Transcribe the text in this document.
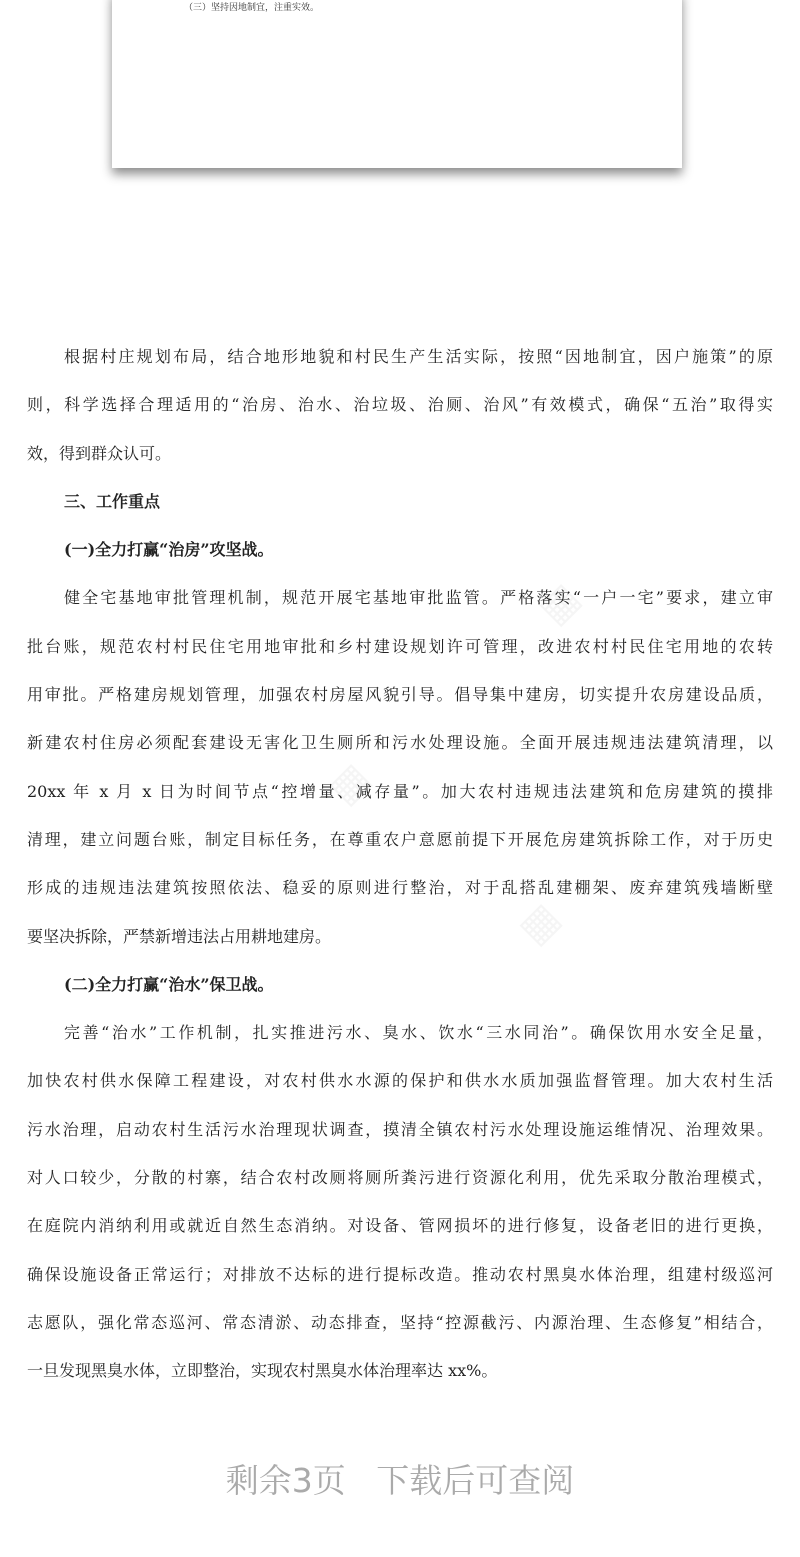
（三）坚持因地制宜，注重实效。
根据村庄规划布局，结合地形地貌和村民生产生活实际，按照“因地制宜，因户施策”的原
则，科学选择合理适用的“治房、治水、治垃圾、治厕、治风”有效模式，确保“五治”取得实
效，得到群众认可。
三、工作重点
(一)全力打赢“治房”攻坚战。
健全宅基地审批管理机制，规范开展宅基地审批监管。严格落实“一户一宅”要求，建立审
批台账，规范农村村民住宅用地审批和乡村建设规划许可管理，改进农村村民住宅用地的农转
用审批。严格建房规划管理，加强农村房屋风貌引导。倡导集中建房，切实提升农房建设品质，
新建农村住房必须配套建设无害化卫生厕所和污水处理设施。全面开展违规违法建筑清理，以
20xx 年 x 月 x 日为时间节点“控增量、减存量”。加大农村违规违法建筑和危房建筑的摸排
清理，建立问题台账，制定目标任务，在尊重农户意愿前提下开展危房建筑拆除工作，对于历史
形成的违规违法建筑按照依法、稳妥的原则进行整治，对于乱搭乱建棚架、废弃建筑残墙断壁
要坚决拆除，严禁新增违法占用耕地建房。
(二)全力打赢“治水”保卫战。
完善“治水”工作机制，扎实推进污水、臭水、饮水“三水同治”。确保饮用水安全足量，
加快农村供水保障工程建设，对农村供水水源的保护和供水水质加强监督管理。加大农村生活
污水治理，启动农村生活污水治理现状调查，摸清全镇农村污水处理设施运维情况、治理效果。
对人口较少，分散的村寨，结合农村改厕将厕所粪污进行资源化利用，优先采取分散治理模式，
在庭院内消纳利用或就近自然生态消纳。对设备、管网损坏的进行修复，设备老旧的进行更换，
确保设施设备正常运行；对排放不达标的进行提标改造。推动农村黑臭水体治理，组建村级巡河
志愿队，强化常态巡河、常态清淤、动态排查，坚持“控源截污、内源治理、生态修复”相结合，
一旦发现黑臭水体，立即整治，实现农村黑臭水体治理率达 xx%。
剩余3页 下载后可查阅
